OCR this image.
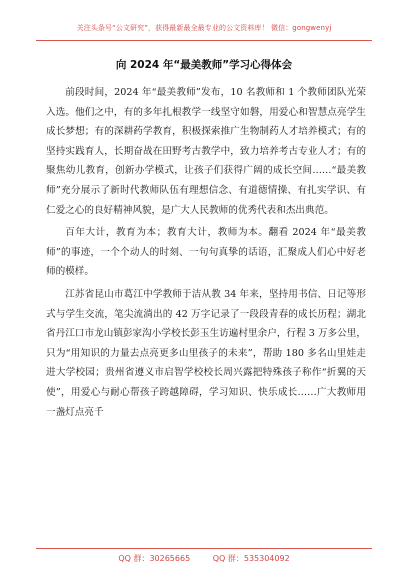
关注头条号“公文研究”，获得最新最全最专业的公文资料库！ 微信：gongwenyj
向 2024 年“最美教师”学习心得体会

前段时间，2024 年“最美教师”发布，10 名教师和 1 个教师团队光荣入选。他们之中，有的多年扎根教学一线坚守如磐，用爱心和智慧点亮学生成长梦想；有的深耕药学教育，积极探索推广生物制药人才培养模式；有的坚持实践育人，长期奋战在田野考古教学中，致力培养考古专业人才；有的聚焦幼儿教育，创新办学模式，让孩子们获得广阔的成长空间……“最美教师”充分展示了新时代教师队伍有理想信念、有道德情操、有扎实学识、有仁爱之心的良好精神风貌，是广大人民教师的优秀代表和杰出典范。

百年大计，教育为本；教育大计，教师为本。翻看 2024 年“最美教师”的事迹，一个个动人的时刻、一句句真挚的话语，汇聚成人们心中好老师的模样。

江苏省昆山市葛江中学教师于洁从教 34 年来，坚持用书信、日记等形式与学生交流，笔尖流淌出的 42 万字记录了一段段青春的成长历程；湖北省丹江口市龙山镇彭家沟小学校长彭玉生访遍村里余户，行程 3 万多公里，只为“用知识的力量去点亮更多山里孩子的未来”，帮助 180 多名山里娃走进大学校园；贵州省遵义市启智学校校长周兴露把特殊孩子称作“折翼的天使”，用爱心与耐心帮孩子跨越障碍，学习知识、快乐成长……广大教师用一盏灯点亮千

QQ 群：30265665	QQ 群：535304092
